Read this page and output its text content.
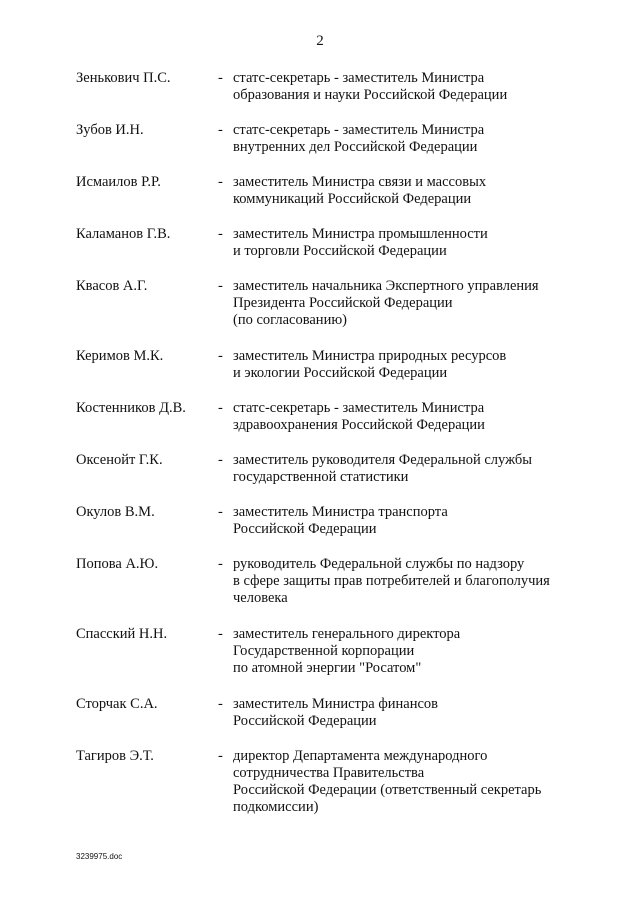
2
Зенькович П.С.	- статс-секретарь - заместитель Министра
образования и науки Российской Федерации
Зубов И.Н.	- статс-секретарь - заместитель Министра
внутренних дел Российской Федерации
Исмаилов Р.Р.	- заместитель Министра связи и массовых
коммуникаций Российской Федерации
Каламанов Г.В.	- заместитель Министра промышленности
и торговли Российской Федерации
Квасов А.Г.	- заместитель начальника Экспертного управления
Президента Российской Федерации
(по согласованию)
Керимов М.К.	- заместитель Министра природных ресурсов
и экологии Российской Федерации
Костенников Д.В. - статс-секретарь - заместитель Министра
здравоохранения Российской Федерации
Оксенойт Г.К.	- заместитель руководителя Федеральной службы
государственной статистики
Окулов В.М.	- заместитель Министра транспорта
Российской Федерации
Попова А.Ю.	- руководитель Федеральной службы по надзору
в сфере защиты прав потребителей и благополучия
человека
Спасский Н.Н.	- заместитель генерального директора
Государственной корпорации
по атомной энергии "Росатом"
Сторчак С.А.	- заместитель Министра финансов
Российской Федерации
Тагиров Э.Т.	- директор Департамента международного
сотрудничества Правительства
Российской Федерации (ответственный секретарь
подкомиссии)
3239975.doc
